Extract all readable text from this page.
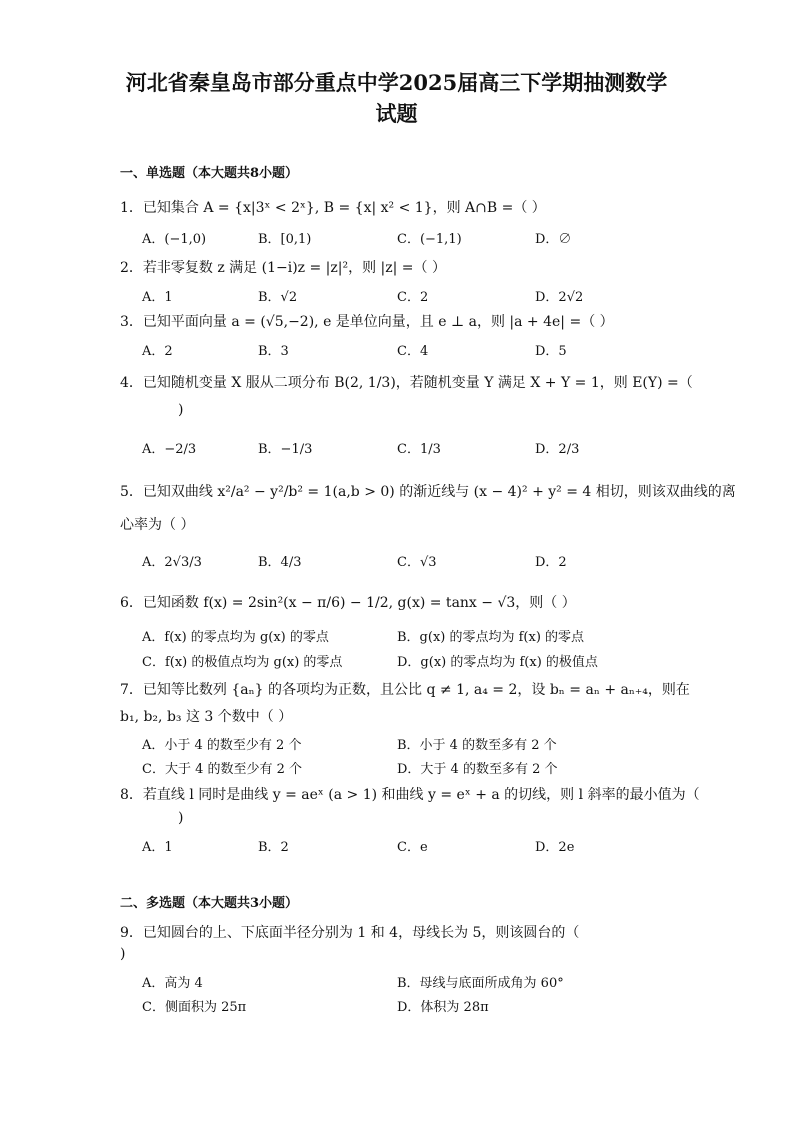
河北省秦皇岛市部分重点中学2025届高三下学期抽测数学
试题
一、单选题（本大题共8小题）
1．已知集合 A = {x|3ˣ < 2ˣ}, B = {x| x² < 1}，则 A∩B =（ ）
A．(−1,0)	B．[0,1)	C．(−1,1)	D．∅
2．若非零复数 z 满足 (1−i)z = |z|²，则 |z| =（ ）
A．1	B．√2	C．2	D．2√2
3．已知平面向量 a = (√5,−2), e 是单位向量，且 e ⊥ a，则 |a + 4e| =（ ）
A．2	B．3	C．4	D．5
4．已知随机变量 X 服从二项分布 B(2, 1/3)，若随机变量 Y 满足 X + Y = 1，则 E(Y) =（
)
A．−2/3	B．−1/3	C．1/3	D．2/3
5．已知双曲线 x²/a² − y²/b² = 1(a,b > 0) 的渐近线与 (x − 4)² + y² = 4 相切，则该双曲线的离
心率为（ ）
A．2√3/3	B．4/3	C．√3	D．2
6．已知函数 f(x) = 2sin²(x − π/6) − 1/2, g(x) = tanx − √3，则（ ）
A．f(x) 的零点均为 g(x) 的零点	B．g(x) 的零点均为 f(x) 的零点
C．f(x) 的极值点均为 g(x) 的零点	D．g(x) 的零点均为 f(x) 的极值点
7．已知等比数列 {aₙ} 的各项均为正数，且公比 q ≠ 1, a₄ = 2，设 bₙ = aₙ + aₙ₊₄，则在
b₁, b₂, b₃ 这 3 个数中（ ）
A．小于 4 的数至少有 2 个	B．小于 4 的数至多有 2 个
C．大于 4 的数至少有 2 个	D．大于 4 的数至多有 2 个
8．若直线 l 同时是曲线 y = aeˣ (a > 1) 和曲线 y = eˣ + a 的切线，则 l 斜率的最小值为（
)
A．1	B．2	C．e	D．2e
二、多选题（本大题共3小题）
9．已知圆台的上、下底面半径分别为 1 和 4，母线长为 5，则该圆台的（
)
A．高为 4	B．母线与底面所成角为 60°
C．侧面积为 25π	D．体积为 28π
